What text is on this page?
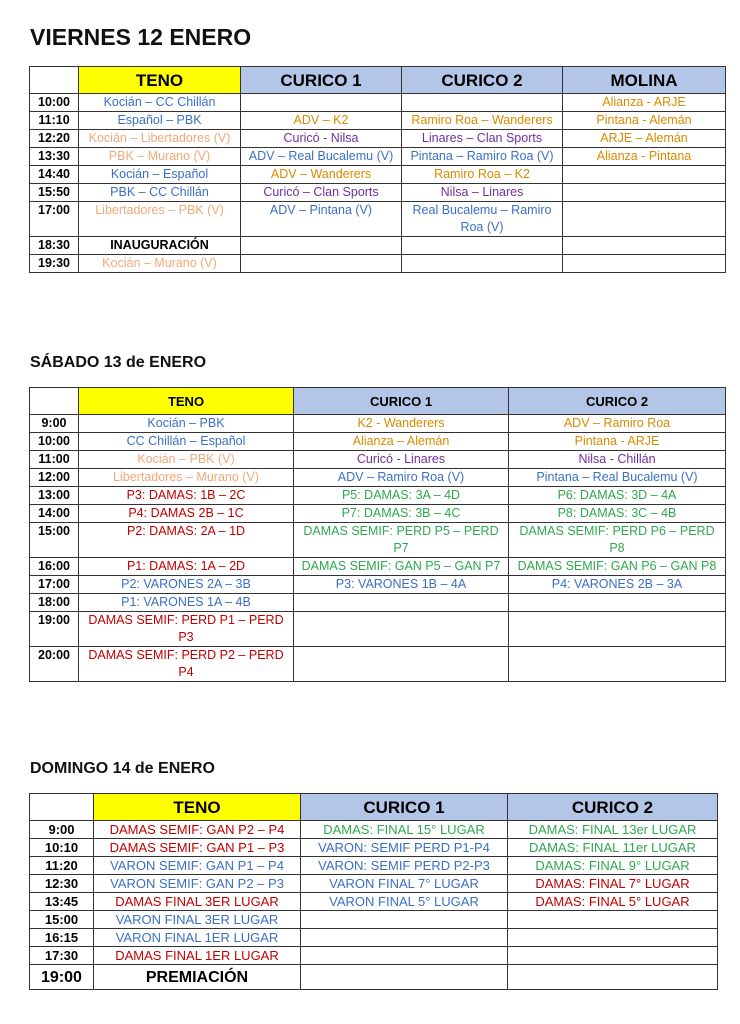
VIERNES 12 ENERO
	TENO	CURICO 1	CURICO 2	MOLINA
10:00	Kocián – CC Chillán			Alianza - ARJE
11:10	Español – PBK	ADV – K2	Ramiro Roa – Wanderers	Pintana - Alemán
12:20	Kocián – Libertadores (V)	Curicó - Nilsa	Linares – Clan Sports	ARJE – Alemán
13:30	PBK – Murano (V)	ADV – Real Bucalemu (V)	Pintana – Ramiro Roa (V)	Alianza - Pintana
14:40	Kocián – Español	ADV – Wanderers	Ramiro Roa – K2	
15:50	PBK – CC Chillán	Curicó – Clan Sports	Nilsa – Linares	
17:00	Libertadores – PBK (V)	ADV – Pintana (V)	Real Bucalemu – Ramiro Roa (V)	
18:30	INAUGURACIÓN			
19:30	Kocián – Murano (V)			
SÁBADO 13 de ENERO
	TENO	CURICO 1	CURICO 2
9:00	Kocián – PBK	K2 - Wanderers	ADV – Ramiro Roa
10:00	CC Chillán – Español	Alianza – Alemán	Pintana - ARJE
11:00	Kocián – PBK (V)	Curicó - Linares	Nilsa - Chillán
12:00	Libertadores – Murano (V)	ADV – Ramiro Roa (V)	Pintana – Real Bucalemu (V)
13:00	P3: DAMAS: 1B – 2C	P5: DAMAS: 3A – 4D	P6: DAMAS: 3D – 4A
14:00	P4: DAMAS 2B – 1C	P7: DAMAS: 3B – 4C	P8: DAMAS: 3C – 4B
15:00	P2: DAMAS: 2A – 1D	DAMAS SEMIF: PERD P5 – PERD P7	DAMAS SEMIF: PERD P6 – PERD P8
16:00	P1: DAMAS: 1A – 2D	DAMAS SEMIF: GAN P5 – GAN P7	DAMAS SEMIF: GAN P6 – GAN P8
17:00	P2: VARONES 2A – 3B	P3: VARONES 1B – 4A	P4: VARONES 2B – 3A
18:00	P1: VARONES 1A – 4B		
19:00	DAMAS SEMIF: PERD P1 – PERD P3		
20:00	DAMAS SEMIF: PERD P2 – PERD P4		
DOMINGO 14 de ENERO
	TENO	CURICO 1	CURICO 2
9:00	DAMAS SEMIF: GAN P2 – P4	DAMAS: FINAL 15° LUGAR	DAMAS: FINAL 13er LUGAR
10:10	DAMAS SEMIF: GAN P1 – P3	VARON: SEMIF PERD P1-P4	DAMAS: FINAL 11er LUGAR
11:20	VARON SEMIF: GAN P1 – P4	VARON: SEMIF PERD P2-P3	DAMAS: FINAL 9° LUGAR
12:30	VARON SEMIF: GAN P2 – P3	VARON FINAL 7° LUGAR	DAMAS: FINAL 7° LUGAR
13:45	DAMAS FINAL 3ER LUGAR	VARON FINAL 5° LUGAR	DAMAS: FINAL 5° LUGAR
15:00	VARON FINAL 3ER LUGAR		
16:15	VARON FINAL 1ER LUGAR		
17:30	DAMAS FINAL 1ER LUGAR		
19:00	PREMIACIÓN		
